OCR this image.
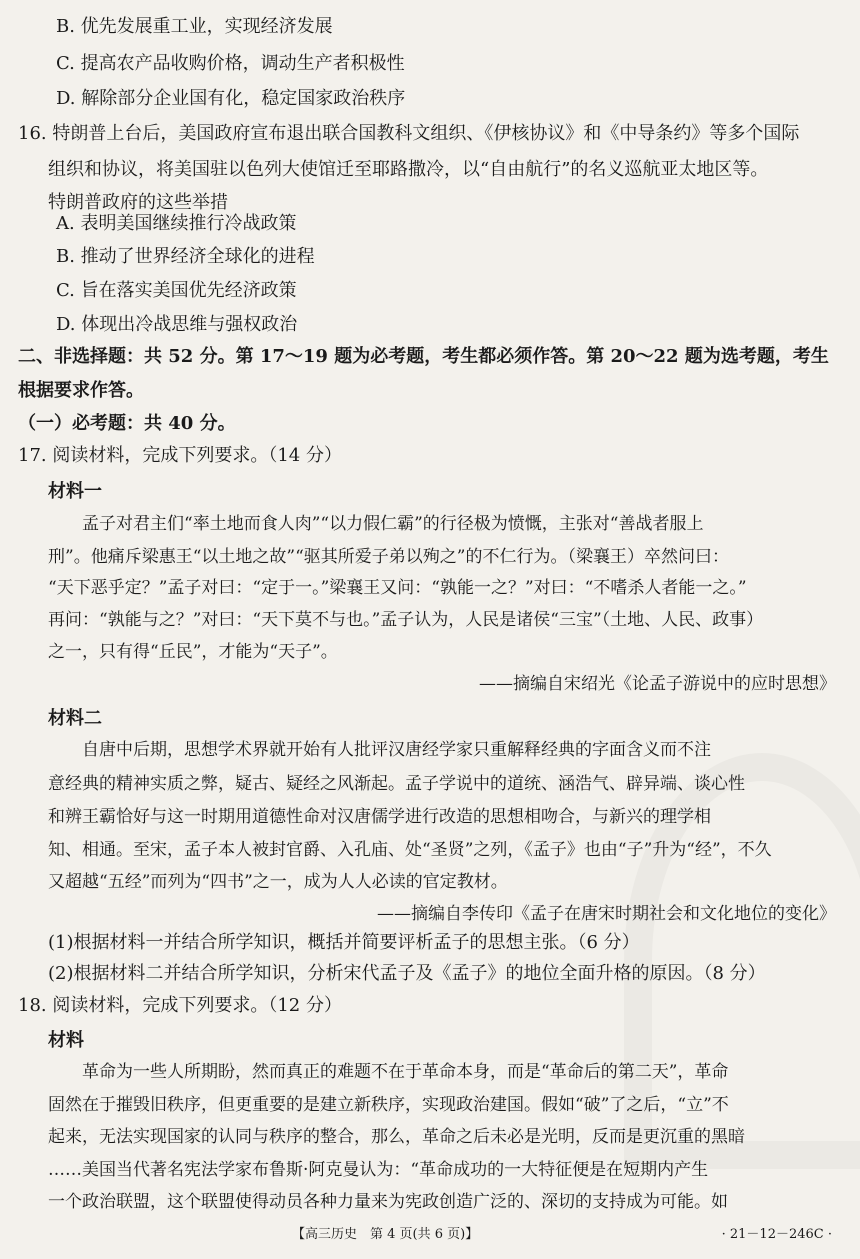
B. 优先发展重工业，实现经济发展
C. 提高农产品收购价格，调动生产者积极性
D. 解除部分企业国有化，稳定国家政治秩序
16. 特朗普上台后，美国政府宣布退出联合国教科文组织、《伊核协议》和《中导条约》等多个国际
组织和协议，将美国驻以色列大使馆迁至耶路撒冷，以“自由航行”的名义巡航亚太地区等。
特朗普政府的这些举措
A. 表明美国继续推行冷战政策
B. 推动了世界经济全球化的进程
C. 旨在落实美国优先经济政策
D. 体现出冷战思维与强权政治
二、非选择题：共 52 分。第 17～19 题为必考题，考生都必须作答。第 20～22 题为选考题，考生
根据要求作答。
（一）必考题：共 40 分。
17. 阅读材料，完成下列要求。（14 分）
材料一
孟子对君主们“率土地而食人肉”“以力假仁霸”的行径极为愤慨，主张对“善战者服上
刑”。他痛斥梁惠王“以土地之故”“驱其所爱子弟以殉之”的不仁行为。（梁襄王）卒然问曰：
“天下恶乎定？”孟子对曰：“定于一。”梁襄王又问：“孰能一之？”对曰：“不嗜杀人者能一之。”
再问：“孰能与之？”对曰：“天下莫不与也。”孟子认为，人民是诸侯“三宝”（土地、人民、政事）
之一，只有得“丘民”，才能为“天子”。
——摘编自宋绍光《论孟子游说中的应时思想》
材料二
自唐中后期，思想学术界就开始有人批评汉唐经学家只重解释经典的字面含义而不注
意经典的精神实质之弊，疑古、疑经之风渐起。孟子学说中的道统、涵浩气、辟异端、谈心性
和辨王霸恰好与这一时期用道德性命对汉唐儒学进行改造的思想相吻合，与新兴的理学相
知、相通。至宋，孟子本人被封官爵、入孔庙、处“圣贤”之列，《孟子》也由“子”升为“经”，不久
又超越“五经”而列为“四书”之一，成为人人必读的官定教材。
——摘编自李传印《孟子在唐宋时期社会和文化地位的变化》
(1)根据材料一并结合所学知识，概括并简要评析孟子的思想主张。（6 分）
(2)根据材料二并结合所学知识，分析宋代孟子及《孟子》的地位全面升格的原因。（8 分）
18. 阅读材料，完成下列要求。（12 分）
材料
革命为一些人所期盼，然而真正的难题不在于革命本身，而是“革命后的第二天”，革命
固然在于摧毁旧秩序，但更重要的是建立新秩序，实现政治建国。假如“破”了之后，“立”不
起来，无法实现国家的认同与秩序的整合，那么，革命之后未必是光明，反而是更沉重的黑暗
……美国当代著名宪法学家布鲁斯·阿克曼认为：“革命成功的一大特征便是在短期内产生
一个政治联盟，这个联盟使得动员各种力量来为宪政创造广泛的、深切的支持成为可能。如
【高三历史　第 4 页(共 6 页)】	· 21－12－246C ·
